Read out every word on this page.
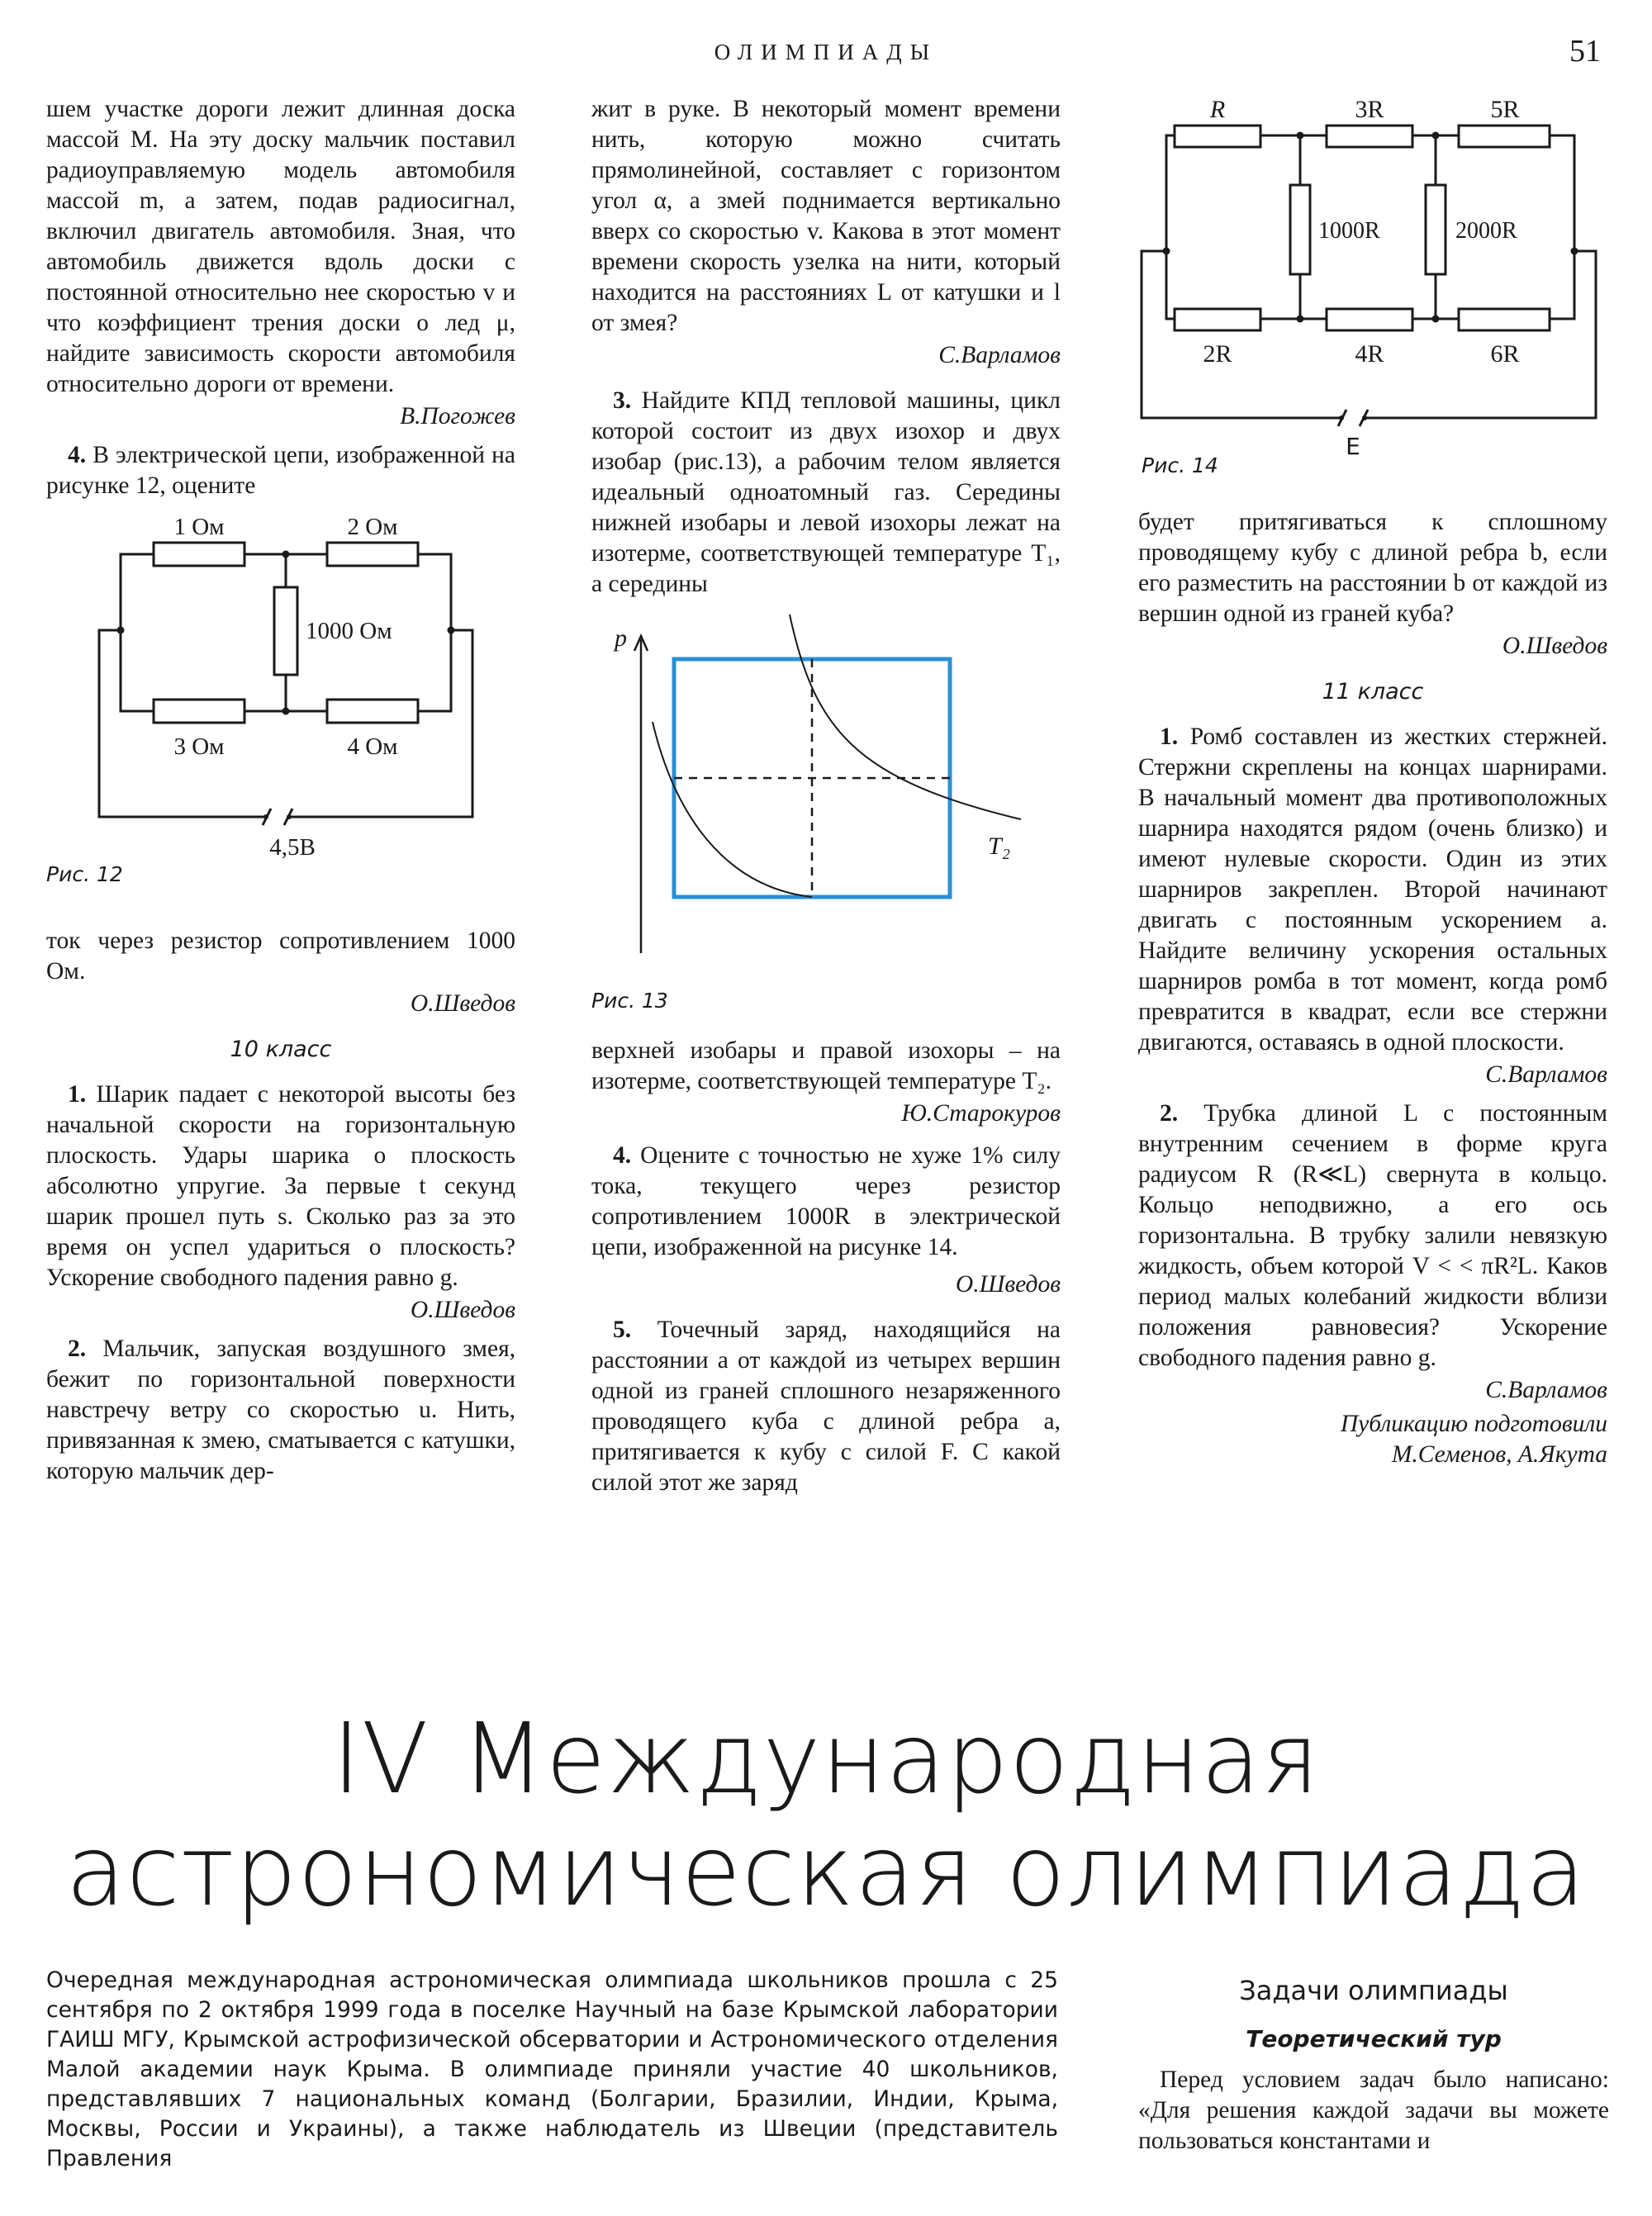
ОЛИМПИАДЫ	51

шем участке дороги лежит длинная доска массой M. На эту доску мальчик поставил радиоуправляемую модель автомобиля массой m, а затем, подав радиосигнал, включил двигатель автомобиля. Зная, что автомобиль движется вдоль доски с постоянной относительно нее скоростью v и что коэффициент трения доски о лед μ, найдите зависимость скорости автомобиля относительно дороги от времени.

В.Погожев

4. В электрической цепи, изображенной на рисунке 12, оцените

1 Ом	2 Ом
1000 Ом
3 Ом	4 Ом
4,5В
Рис. 12

ток через резистор сопротивлением 1000 Ом.

О.Шведов
10 класс

1. Шарик падает с некоторой высоты без начальной скорости на горизонтальную плоскость. Удары шарика о плоскость абсолютно упругие. За первые t секунд шарик прошел путь s. Сколько раз за это время он успел удариться о плоскость? Ускорение свободного падения равно g.

О.Шведов

2. Мальчик, запуская воздушного змея, бежит по горизонтальной поверхности навстречу ветру со скоростью u. Нить, привязанная к змею, сматывается с катушки, которую мальчик дер-

жит в руке. В некоторый момент времени нить, которую можно считать прямолинейной, составляет с горизонтом угол α, а змей поднимается вертикально вверх со скоростью v. Какова в этот момент времени скорость узелка на нити, который находится на расстояниях L от катушки и l от змея?

С.Варламов

3. Найдите КПД тепловой машины, цикл которой состоит из двух изохор и двух изобар (рис.13), а рабочим телом является идеальный одноатомный газ. Середины нижней изобары и левой изохоры лежат на изотерме, соответствующей температуре T₁, а середины

p
T₂
Рис. 13

верхней изобары и правой изохоры – на изотерме, соответствующей температуре T₂.

Ю.Старокуров

4. Оцените с точностью не хуже 1% силу тока, текущего через резистор сопротивлением 1000R в электрической цепи, изображенной на рисунке 14.

О.Шведов

5. Точечный заряд, находящийся на расстоянии a от каждой из четырех вершин одной из граней сплошного незаряженного проводящего куба с длиной ребра a, притягивается к кубу с силой F. С какой силой этот же заряд

R	3R	5R
1000R	2000R
2R	4R	6R
E
Рис. 14

будет притягиваться к сплошному проводящему кубу с длиной ребра b, если его разместить на расстоянии b от каждой из вершин одной из граней куба?

О.Шведов
11 класс

1. Ромб составлен из жестких стержней. Стержни скреплены на концах шарнирами. В начальный момент два противоположных шарнира находятся рядом (очень близко) и имеют нулевые скорости. Один из этих шарниров закреплен. Второй начинают двигать с постоянным ускорением a. Найдите величину ускорения остальных шарниров ромба в тот момент, когда ромб превратится в квадрат, если все стержни двигаются, оставаясь в одной плоскости.

С.Варламов

2. Трубка длиной L с постоянным внутренним сечением в форме круга радиусом R (R≪L) свернута в кольцо. Кольцо неподвижно, а его ось горизонтальна. В трубку залили невязкую жидкость, объем которой V < < πR²L. Каков период малых колебаний жидкости вблизи положения равновесия? Ускорение свободного падения равно g.

С.Варламов
Публикацию подготовили
М.Семенов, А.Якута
IV Международная
астрономическая олимпиада
Очередная международная астрономическая олимпиада школьников прошла с 25 сентября по 2 октября 1999 года в поселке Научный на базе Крымской лаборатории ГАИШ МГУ, Крымской астрофизической обсерватории и Астрономического отделения Малой академии наук Крыма. В олимпиаде приняли участие 40 школьников, представлявших 7 национальных команд (Болгарии, Бразилии, Индии, Крыма, Москвы, России и Украины), а также наблюдатель из Швеции (представитель Правления
Задачи олимпиады
Теоретический тур
Перед условием задач было написано: «Для решения каждой задачи вы можете пользоваться константами и
